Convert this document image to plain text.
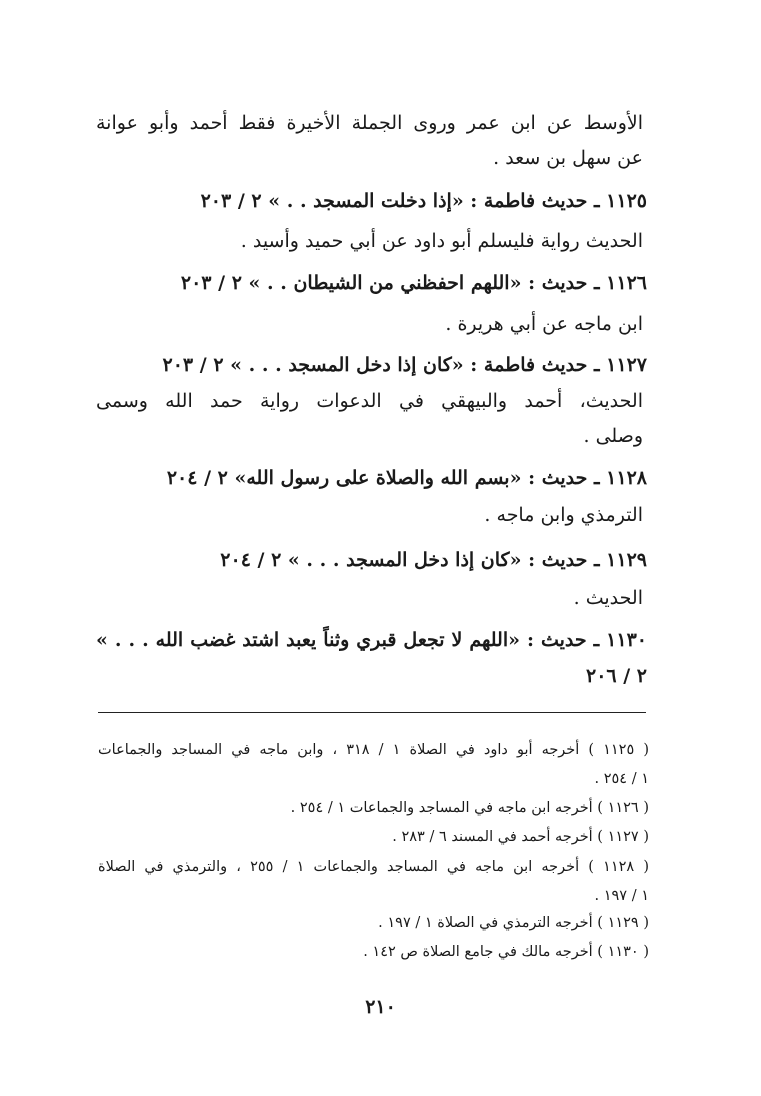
الأوسط عن ابن عمر وروى الجملة الأخيرة فقط أحمد وأبو عوانة
عن سهل بن سعد .
١١٢٥ ـ حديث فاطمة : «إذا دخلت المسجد . . » ٢ / ٢٠٣
الحديث رواية فليسلم أبو داود عن أبي حميد وأسيد .
١١٢٦ ـ حديث : «اللهم احفظني من الشيطان . . » ٢ / ٢٠٣
ابن ماجه عن أبي هريرة .
١١٢٧ ـ حديث فاطمة : «كان إذا دخل المسجد . . . » ٢ / ٢٠٣
الحديث، أحمد والبيهقي في الدعوات رواية حمد الله وسمى
وصلى .
١١٢٨ ـ حديث : «بسم الله والصلاة على رسول الله» ٢ / ٢٠٤
الترمذي وابن ماجه .
١١٢٩ ـ حديث : «كان إذا دخل المسجد . . . » ٢ / ٢٠٤
الحديث .
١١٣٠ ـ حديث : «اللهم لا تجعل قبري وثناً يعبد اشتد غضب الله . . . »
٢ / ٢٠٦
( ١١٢٥ ) أخرجه أبو داود في الصلاة ١ / ٣١٨ ، وابن ماجه في المساجد والجماعات
١ / ٢٥٤ .
( ١١٢٦ ) أخرجه ابن ماجه في المساجد والجماعات ١ / ٢٥٤ .
( ١١٢٧ ) أخرجه أحمد في المسند ٦ / ٢٨٣ .
( ١١٢٨ ) أخرجه ابن ماجه في المساجد والجماعات ١ / ٢٥٥ ، والترمذي في الصلاة
١ / ١٩٧ .
( ١١٢٩ ) أخرجه الترمذي في الصلاة ١ / ١٩٧ .
( ١١٣٠ ) أخرجه مالك في جامع الصلاة ص ١٤٢ .
٢١٠
